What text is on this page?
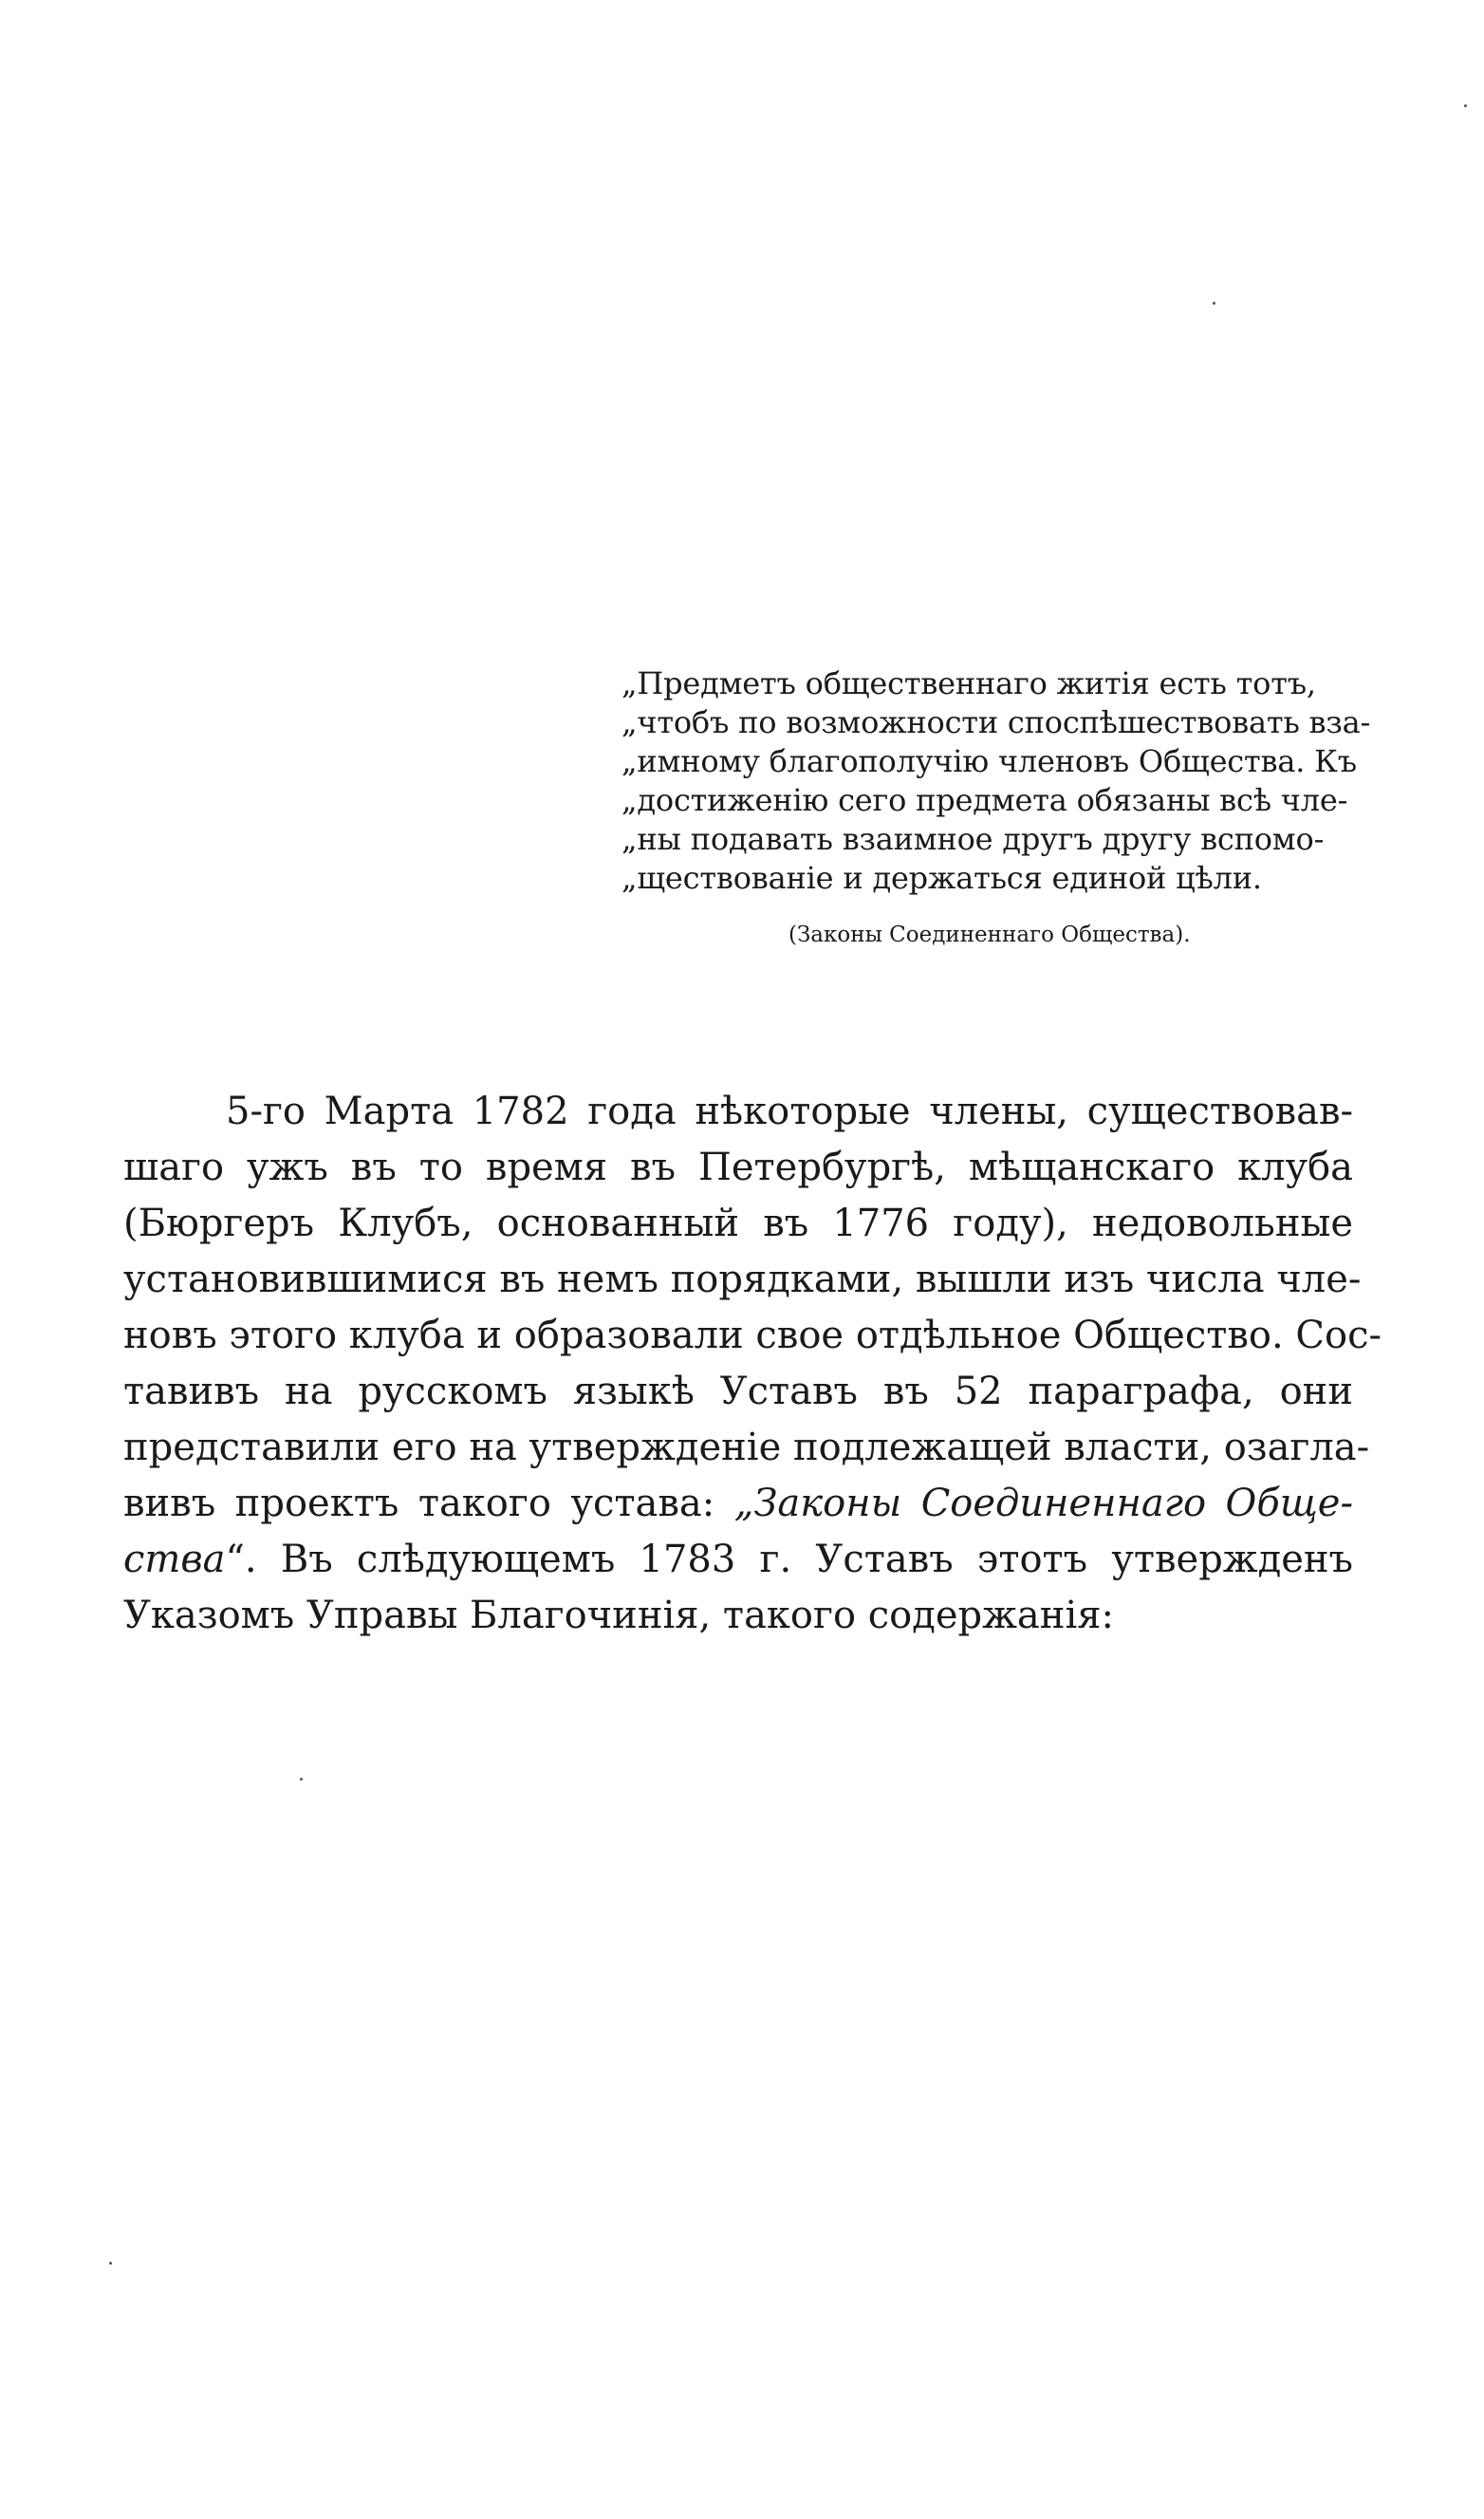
„Предметъ общественнаго житія есть тотъ,
„чтобъ по возможности споспѣшествовать вза-
„имному благополучію членовъ Общества. Къ
„достиженію сего предмета обязаны всѣ чле-
„ны подавать взаимное другъ другу вспомо-
„ществованіе и держаться единой цѣли.
(Законы Соединеннаго Общества).
5-го Марта 1782 года нѣкоторые члены, существовав-
шаго ужъ въ то время въ Петербургѣ, мѣщанскаго клуба
(Бюргеръ Клубъ, основанный въ 1776 году), недовольные
установившимися въ немъ порядками, вышли изъ числа чле-
новъ этого клуба и образовали свое отдѣльное Общество. Сос-
тавивъ на русскомъ языкѣ Уставъ въ 52 параграфа, они
представили его на утвержденіе подлежащей власти, озагла-
вивъ проектъ такого устава: „Законы Соединеннаго Обще-
ства“. Въ слѣдующемъ 1783 г. Уставъ этотъ утвержденъ
Указомъ Управы Благочинія, такого содержанія:
